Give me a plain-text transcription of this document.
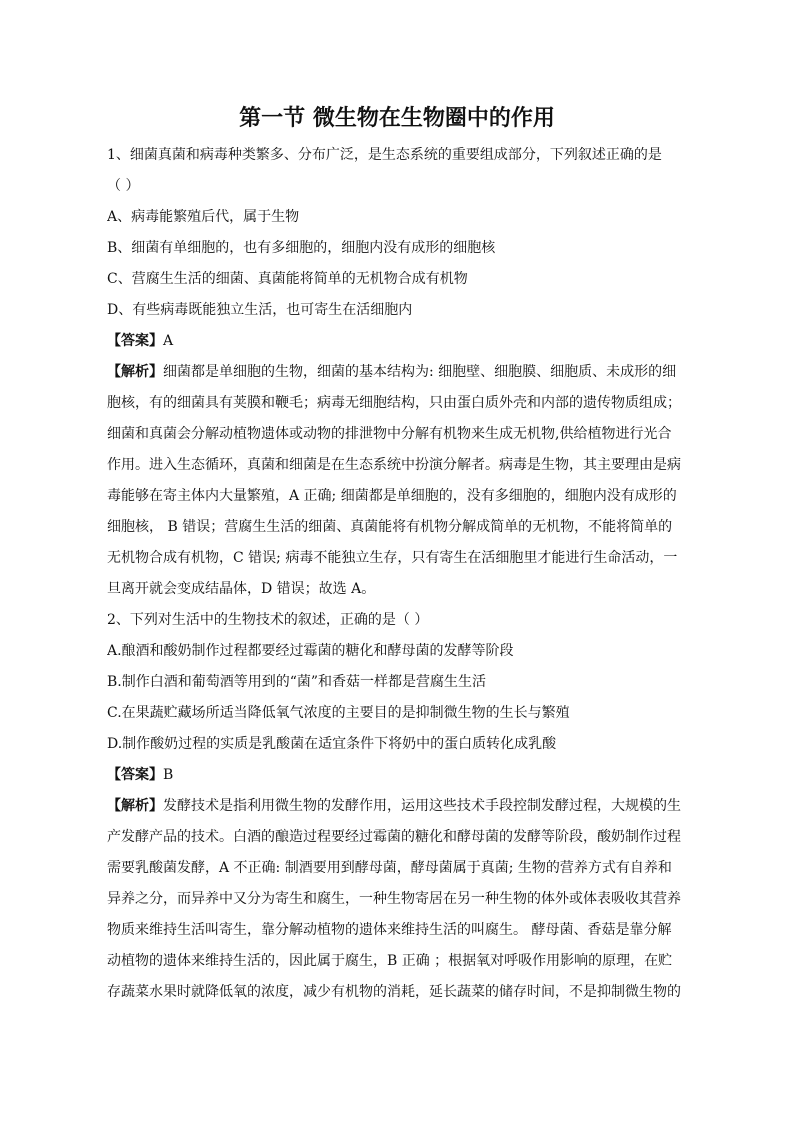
第一节 微生物在生物圈中的作用
1、细菌真菌和病毒种类繁多、分布广泛，是生态系统的重要组成部分，下列叙述正确的是
（ ）
A、病毒能繁殖后代，属于生物
B、细菌有单细胞的，也有多细胞的，细胞内没有成形的细胞核
C、营腐生生活的细菌、真菌能将简单的无机物合成有机物
D、有些病毒既能独立生活，也可寄生在活细胞内
【答案】A
【解析】细菌都是单细胞的生物，细菌的基本结构为: 细胞壁、细胞膜、细胞质、未成形的细
胞核，有的细菌具有荚膜和鞭毛；病毒无细胞结构，只由蛋白质外壳和内部的遗传物质组成；
细菌和真菌会分解动植物遗体或动物的排泄物中分解有机物来生成无机物,供给植物进行光合
作用。进入生态循环，真菌和细菌是在生态系统中扮演分解者。病毒是生物，其主要理由是病
毒能够在寄主体内大量繁殖，A 正确; 细菌都是单细胞的，没有多细胞的，细胞内没有成形的
细胞核， B 错误；营腐生生活的细菌、真菌能将有机物分解成简单的无机物，不能将简单的
无机物合成有机物，C 错误; 病毒不能独立生存，只有寄生在活细胞里才能进行生命活动，一
旦离开就会变成结晶体，D 错误；故选 A。
2、下列对生活中的生物技术的叙述，正确的是（ ）
A.酿酒和酸奶制作过程都要经过霉菌的糖化和酵母菌的发酵等阶段
B.制作白酒和葡萄酒等用到的“菌”和香菇一样都是营腐生生活
C.在果蔬贮藏场所适当降低氧气浓度的主要目的是抑制微生物的生长与繁殖
D.制作酸奶过程的实质是乳酸菌在适宜条件下将奶中的蛋白质转化成乳酸
【答案】B
【解析】发酵技术是指利用微生物的发酵作用，运用这些技术手段控制发酵过程，大规模的生
产发酵产品的技术。白酒的酿造过程要经过霉菌的糖化和酵母菌的发酵等阶段，酸奶制作过程
需要乳酸菌发酵，A 不正确: 制酒要用到酵母菌，酵母菌属于真菌; 生物的营养方式有自养和
异养之分，而异养中又分为寄生和腐生，一种生物寄居在另一种生物的体外或体表吸收其营养
物质来维持生活叫寄生，靠分解动植物的遗体来维持生活的叫腐生。 酵母菌、香菇是靠分解
动植物的遗体来维持生活的，因此属于腐生，B 正确 ；根据氧对呼吸作用影响的原理，在贮
存蔬菜水果时就降低氧的浓度，减少有机物的消耗，延长蔬菜的储存时间，不是抑制微生物的
